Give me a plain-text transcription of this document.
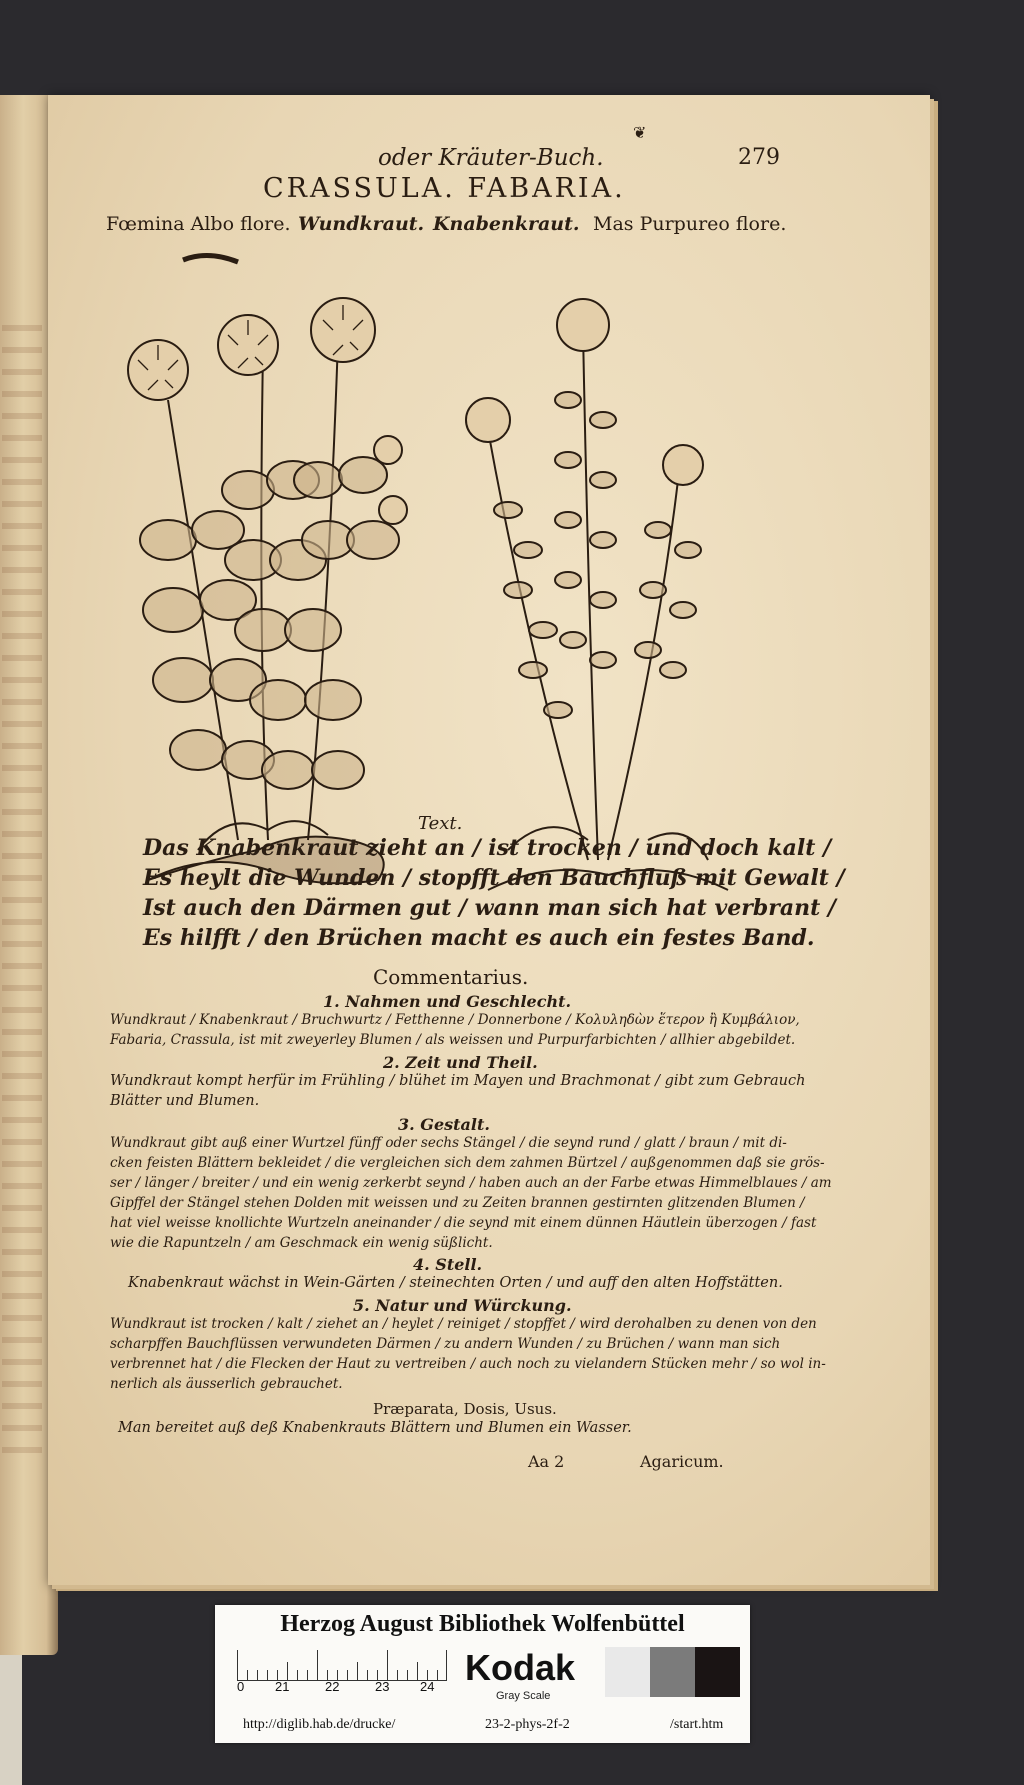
❦
oder Kräuter-Buch.	279
CRASSULA. FABARIA.
Fœmina Albo flore. Wundkraut. Knabenkraut. Mas Purpureo flore.
Text.
Das Knabenkraut zieht an / ist trocken / und doch kalt /
Es heylt die Wunden / stopfft den Bauchfluß mit Gewalt /
Ist auch den Därmen gut / wann man sich hat verbrant /
Es hilfft / den Brüchen macht es auch ein festes Band.
Commentarius.
1. Nahmen und Geschlecht.
Wundkraut / Knabenkraut / Bruchwurtz / Fetthenne / Donnerbone / Κολυληδὼν ἕτερον ἢ Κυμβάλιον,
Fabaria, Crassula, ist mit zweyerley Blumen / als weissen und Purpurfarbichten / allhier abgebildet.
2. Zeit und Theil.
Wundkraut kompt herfür im Frühling / blühet im Mayen und Brachmonat / gibt zum Gebrauch
Blätter und Blumen.
3. Gestalt.
Wundkraut gibt auß einer Wurtzel fünff oder sechs Stängel / die seynd rund / glatt / braun / mit di-
cken feisten Blättern bekleidet / die vergleichen sich dem zahmen Bürtzel / außgenommen daß sie grös-
ser / länger / breiter / und ein wenig zerkerbt seynd / haben auch an der Farbe etwas Himmelblaues / am
Gipffel der Stängel stehen Dolden mit weissen und zu Zeiten brannen gestirnten glitzenden Blumen /
hat viel weisse knollichte Wurtzeln aneinander / die seynd mit einem dünnen Häutlein überzogen / fast
wie die Rapuntzeln / am Geschmack ein wenig süßlicht.
4. Stell.
Knabenkraut wächst in Wein-Gärten / steinechten Orten / und auff den alten Hoffstätten.
5. Natur und Würckung.
Wundkraut ist trocken / kalt / ziehet an / heylet / reiniget / stopffet / wird derohalben zu denen von den
scharpffen Bauchflüssen verwundeten Därmen / zu andern Wunden / zu Brüchen / wann man sich
verbrennet hat / die Flecken der Haut zu vertreiben / auch noch zu vielandern Stücken mehr / so wol in-
nerlich als äusserlich gebrauchet.
Præparata, Dosis, Usus.
Man bereitet auß deß Knabenkrauts Blättern und Blumen ein Wasser.
Aa 2	Agaricum.
Herzog August Bibliothek Wolfenbüttel
0 21	22	23 24 Kodak
Gray Scale
http://diglib.hab.de/drucke/	23-2-phys-2f-2	/start.htm
